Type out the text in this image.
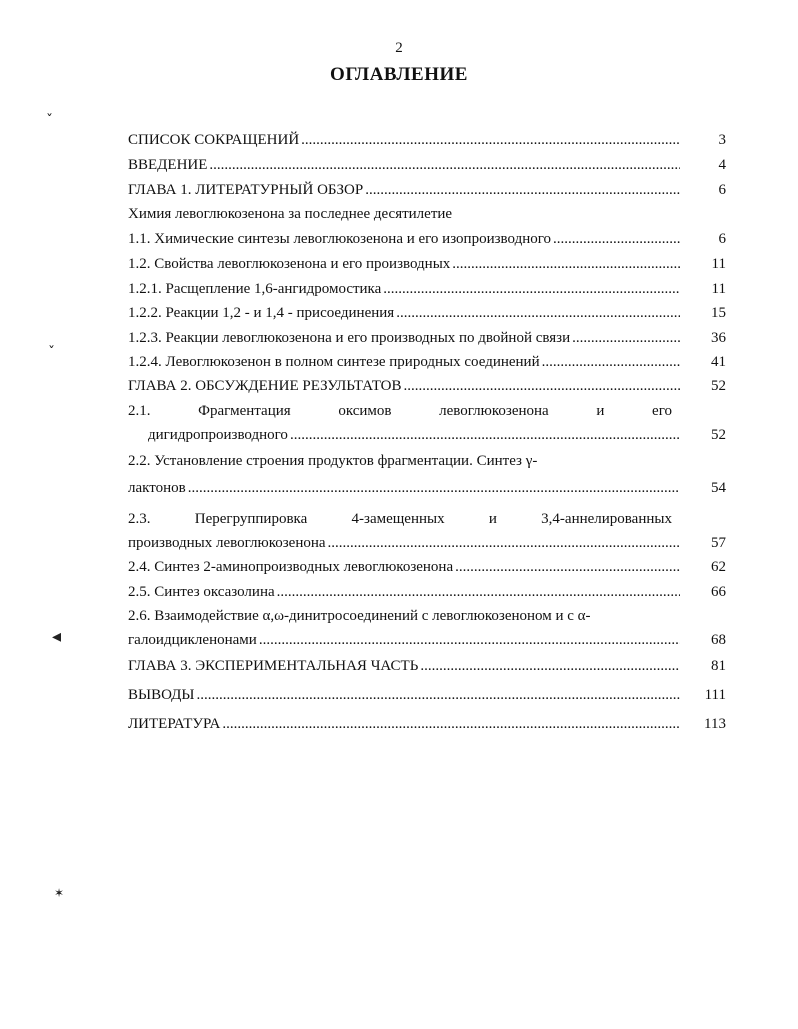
2
ОГЛАВЛЕНИЕ
ˇ
ˇ
◂
✶
СПИСОК СОКРАЩЕНИЙ .....	3
ВВЕДЕНИЕ .....	4
ГЛАВА 1. ЛИТЕРАТУРНЫЙ ОБЗОР .....	6
Химия левоглюкозенона за последнее десятилетие
1.1. Химические синтезы левоглюкозенона и его изопроизводного .....	6
1.2. Свойства левоглюкозенона и его производных .....	11
1.2.1. Расщепление 1,6-ангидромостика .....	11
1.2.2. Реакции 1,2 - и 1,4 - присоединения .....	15
1.2.3. Реакции левоглюкозенона и его производных по двойной связи .....	36
1.2.4. Левоглюкозенон в полном синтезе природных соединений .....	41
ГЛАВА 2. ОБСУЖДЕНИЕ РЕЗУЛЬТАТОВ .....	52
2.1.	Фрагментация	оксимов	левоглюкозенона	и	его
дигидропроизводного .....	52
2.2. Установление строения продуктов фрагментации. Синтез γ-
лактонов .....	54
2.3.	Перегруппировка	4-замещенных	и	3,4-аннелированных
производных левоглюкозенона .....	57
2.4. Синтез 2-аминопроизводных левоглюкозенона .....	62
2.5. Синтез оксазолина .....	66
2.6. Взаимодействие α,ω-динитросоединений с левоглюкозеноном и с α-
галоидцикленонами .....	68
ГЛАВА 3. ЭКСПЕРИМЕНТАЛЬНАЯ ЧАСТЬ .....	81
ВЫВОДЫ .....	111
ЛИТЕРАТУРА .....	113
